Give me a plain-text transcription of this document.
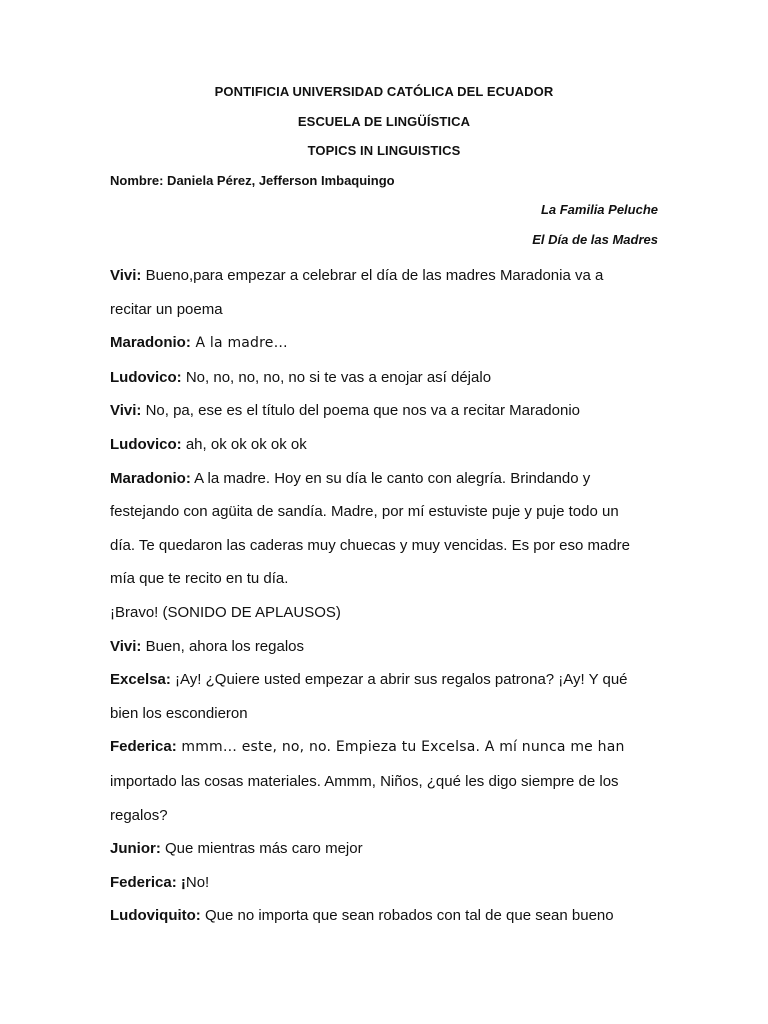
PONTIFICIA UNIVERSIDAD CATÓLICA DEL ECUADOR
ESCUELA DE LINGÜÍSTICA
TOPICS IN LINGUISTICS
Nombre: Daniela Pérez, Jefferson Imbaquingo
La Familia Peluche
El Día de las Madres

Vivi: Bueno,para empezar a celebrar el día de las madres Maradonia va a

recitar un poema

Maradonio: A la madre…

Ludovico: No, no, no, no, no si te vas a enojar así déjalo

Vivi: No, pa, ese es el título del poema que nos va a recitar Maradonio

Ludovico: ah, ok ok ok ok ok

Maradonio: A la madre. Hoy en su día le canto con alegría. Brindando y

festejando con agüita de sandía. Madre, por mí estuviste puje y puje todo un

día. Te quedaron las caderas muy chuecas y muy vencidas. Es por eso madre

mía que te recito en tu día.

¡Bravo! (SONIDO DE APLAUSOS)

Vivi: Buen, ahora los regalos

Excelsa: ¡Ay! ¿Quiere usted empezar a abrir sus regalos patrona? ¡Ay! Y qué

bien los escondieron

Federica: mmm… este, no, no. Empieza tu Excelsa. A mí nunca me han

importado las cosas materiales. Ammm, Niños, ¿qué les digo siempre de los

regalos?

Junior: Que mientras más caro mejor

Federica: ¡No!

Ludoviquito: Que no importa que sean robados con tal de que sean bueno
